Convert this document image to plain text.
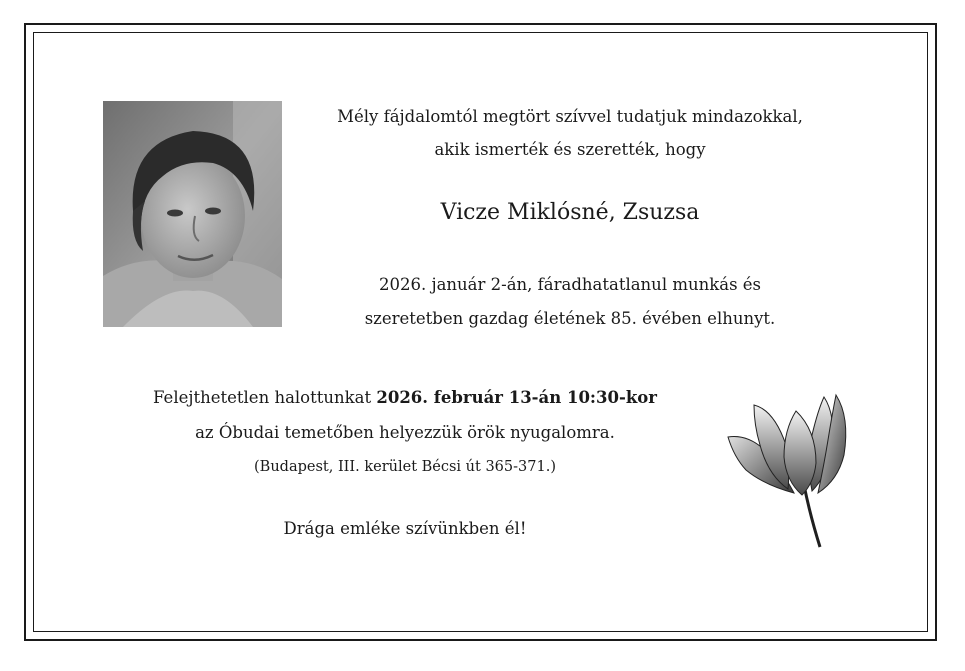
Mély fájdalomtól megtört szívvel tudatjuk mindazokkal,
akik ismerték és szerették, hogy
Vicze Miklósné, Zsuzsa
2026. január 2-án, fáradhatatlanul munkás és
szeretetben gazdag életének 85. évében elhunyt.
Felejthetetlen halottunkat 2026. február 13-án 10:30-kor
az Óbudai temetőben helyezzük örök nyugalomra.
(Budapest, III. kerület Bécsi út 365-371.)
Drága emléke szívünkben él!
